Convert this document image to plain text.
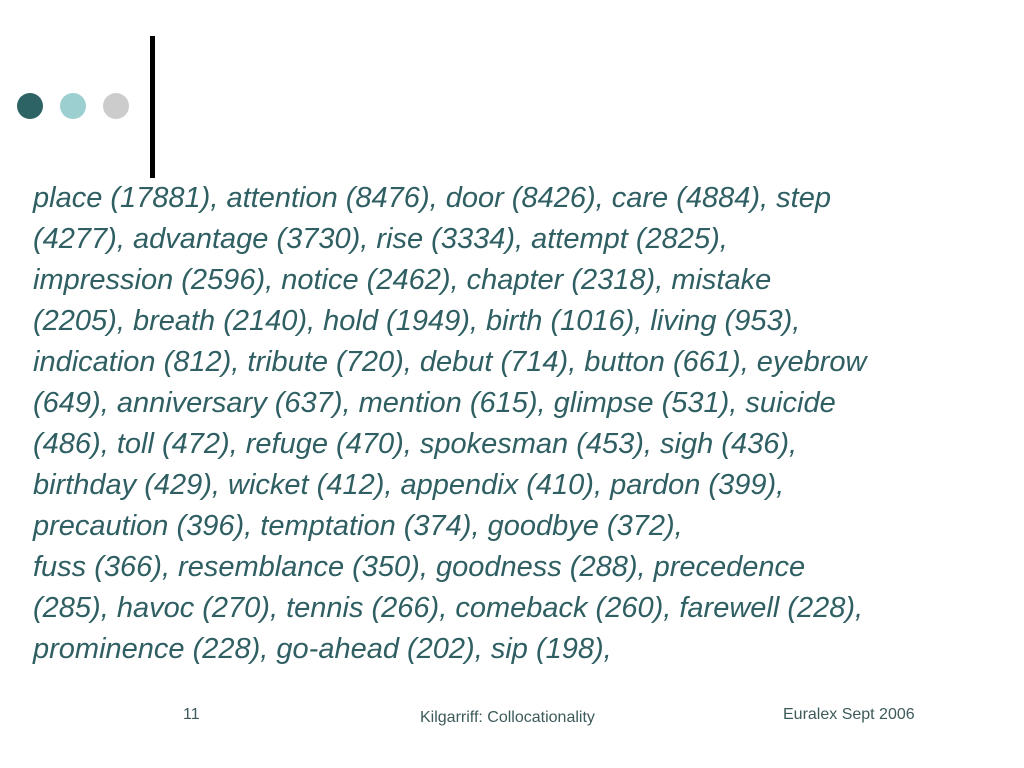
place (17881), attention (8476), door (8426), care (4884), step
(4277), advantage (3730), rise (3334), attempt (2825),
impression (2596), notice (2462), chapter (2318), mistake
(2205), breath (2140), hold (1949), birth (1016), living (953),
indication (812), tribute (720), debut (714), button (661), eyebrow
(649), anniversary (637), mention (615), glimpse (531), suicide
(486), toll (472), refuge (470), spokesman (453), sigh (436),
birthday (429), wicket (412), appendix (410), pardon (399),
precaution (396), temptation (374), goodbye (372),
fuss (366), resemblance (350), goodness (288), precedence
(285), havoc (270), tennis (266), comeback (260), farewell (228),
prominence (228), go-ahead (202), sip (198),

11	Kilgarriff: Collocationality	Euralex Sept 2006
